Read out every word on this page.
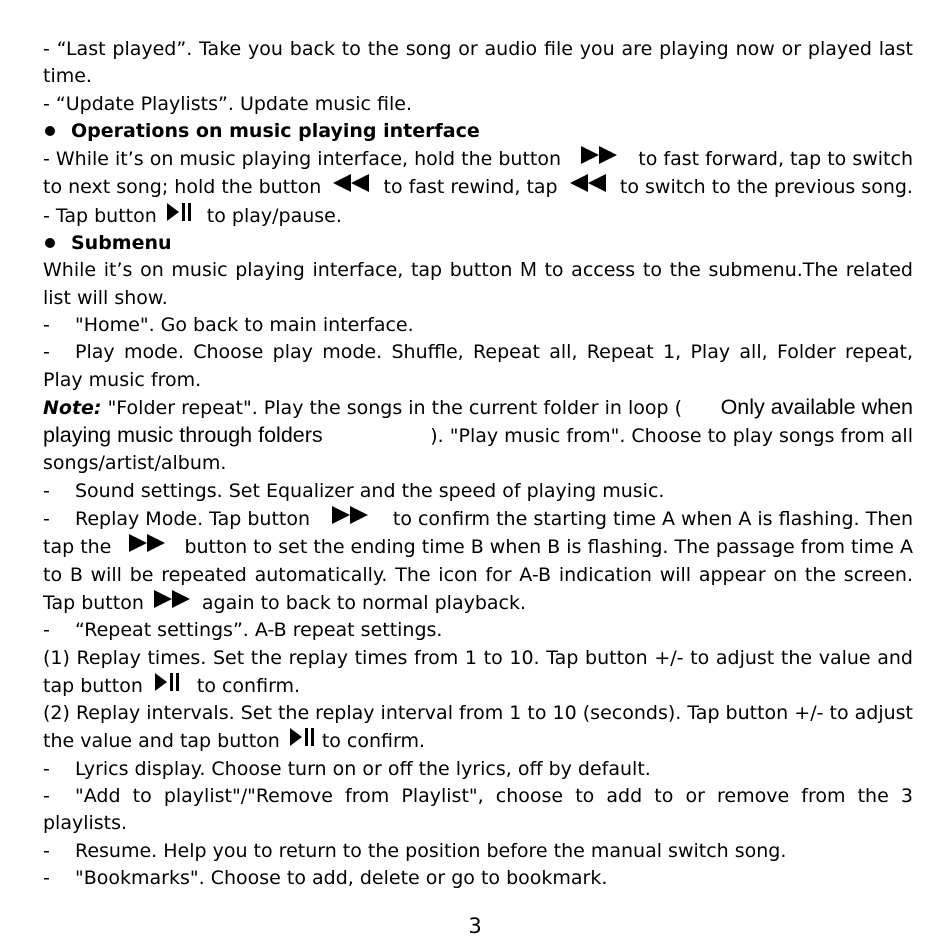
- “Last played”. Take you back to the song or audio file you are playing now or played last
time.
- “Update Playlists”. Update music file.
Operations on music playing interface
- While it’s on music playing interface, hold the button	to fast forward, tap to switch
to next song; hold the button	to fast rewind, tap	to switch to the previous song.
- Tap button	to play/pause.
Submenu
While it’s on music playing interface, tap button M to access to the submenu.The related
list will show.
-	"Home". Go back to main interface.
- Play mode. Choose play mode. Shuffle, Repeat all, Repeat 1, Play all, Folder repeat,
Play music from.
Note: "Folder repeat". Play the songs in the current folder in loop ( Only available when
playing music through folders	). "Play music from". Choose to play songs from all
songs/artist/album.
-	Sound settings. Set Equalizer and the speed of playing music.
- Replay Mode. Tap button	to confirm the starting time A when A is flashing. Then
tap the	button to set the ending time B when B is flashing. The passage from time A
to B will be repeated automatically. The icon for A-B indication will appear on the screen.
Tap button	again to back to normal playback.
-	“Repeat settings”. A-B repeat settings.
(1) Replay times. Set the replay times from 1 to 10. Tap button +/- to adjust the value and
tap button	to confirm.
(2) Replay intervals. Set the replay interval from 1 to 10 (seconds). Tap button +/- to adjust
the value and tap button to confirm.
-	Lyrics display. Choose turn on or off the lyrics, off by default.
- "Add to playlist"/"Remove from Playlist", choose to add to or remove from the 3
playlists.
-	Resume. Help you to return to the position before the manual switch song.
-	"Bookmarks". Choose to add, delete or go to bookmark.
3
